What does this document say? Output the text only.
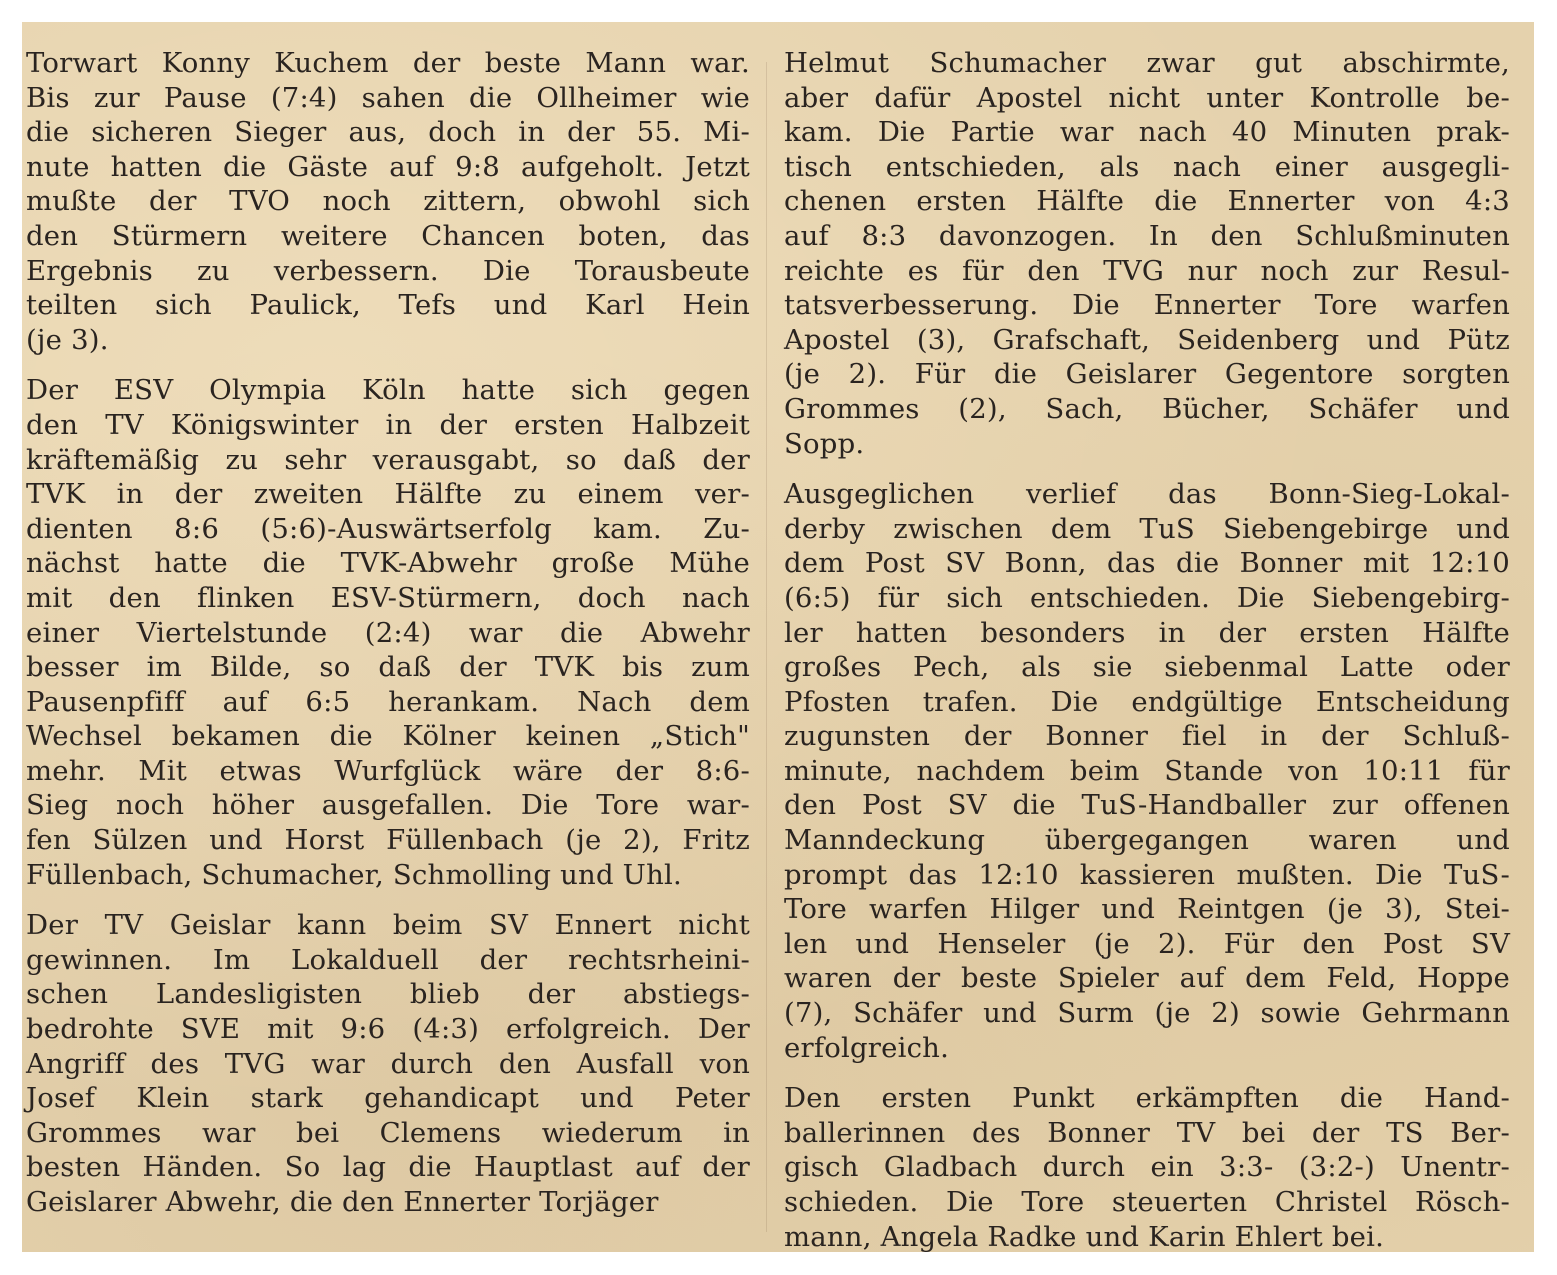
Torwart Konny Kuchem der beste Mann war.
Bis zur Pause (7:4) sahen die Ollheimer wie
die sicheren Sieger aus, doch in der 55. Mi-
nute hatten die Gäste auf 9:8 aufgeholt. Jetzt
mußte der TVO noch zittern, obwohl sich
den Stürmern weitere Chancen boten, das
Ergebnis zu verbessern. Die Torausbeute
teilten sich Paulick, Tefs und Karl Hein
(je 3).
Der ESV Olympia Köln hatte sich gegen
den TV Königswinter in der ersten Halbzeit
kräftemäßig zu sehr verausgabt, so daß der
TVK in der zweiten Hälfte zu einem ver-
dienten 8:6 (5:6)-Auswärtserfolg kam. Zu-
nächst hatte die TVK-Abwehr große Mühe
mit den flinken ESV-Stürmern, doch nach
einer Viertelstunde (2:4) war die Abwehr
besser im Bilde, so daß der TVK bis zum
Pausenpfiff auf 6:5 herankam. Nach dem
Wechsel bekamen die Kölner keinen „Stich"
mehr. Mit etwas Wurfglück wäre der 8:6-
Sieg noch höher ausgefallen. Die Tore war-
fen Sülzen und Horst Füllenbach (je 2), Fritz
Füllenbach, Schumacher, Schmolling und Uhl.
Der TV Geislar kann beim SV Ennert nicht
gewinnen. Im Lokalduell der rechtsrheini-
schen Landesligisten blieb der abstiegs-
bedrohte SVE mit 9:6 (4:3) erfolgreich. Der
Angriff des TVG war durch den Ausfall von
Josef Klein stark gehandicapt und Peter
Grommes war bei Clemens wiederum in
besten Händen. So lag die Hauptlast auf der
Geislarer Abwehr, die den Ennerter Torjäger
Helmut Schumacher zwar gut abschirmte,
aber dafür Apostel nicht unter Kontrolle be-
kam. Die Partie war nach 40 Minuten prak-
tisch entschieden, als nach einer ausgegli-
chenen ersten Hälfte die Ennerter von 4:3
auf 8:3 davonzogen. In den Schlußminuten
reichte es für den TVG nur noch zur Resul-
tatsverbesserung. Die Ennerter Tore warfen
Apostel (3), Grafschaft, Seidenberg und Pütz
(je 2). Für die Geislarer Gegentore sorgten
Grommes (2), Sach, Bücher, Schäfer und
Sopp.
Ausgeglichen verlief das Bonn-Sieg-Lokal-
derby zwischen dem TuS Siebengebirge und
dem Post SV Bonn, das die Bonner mit 12:10
(6:5) für sich entschieden. Die Siebengebirg-
ler hatten besonders in der ersten Hälfte
großes Pech, als sie siebenmal Latte oder
Pfosten trafen. Die endgültige Entscheidung
zugunsten der Bonner fiel in der Schluß-
minute, nachdem beim Stande von 10:11 für
den Post SV die TuS-Handballer zur offenen
Manndeckung übergegangen waren und
prompt das 12:10 kassieren mußten. Die TuS-
Tore warfen Hilger und Reintgen (je 3), Stei-
len und Henseler (je 2). Für den Post SV
waren der beste Spieler auf dem Feld, Hoppe
(7), Schäfer und Surm (je 2) sowie Gehrmann
erfolgreich.
Den ersten Punkt erkämpften die Hand-
ballerinnen des Bonner TV bei der TS Ber-
gisch Gladbach durch ein 3:3- (3:2-) Unentr-
schieden. Die Tore steuerten Christel Rösch-
mann, Angela Radke und Karin Ehlert bei.
